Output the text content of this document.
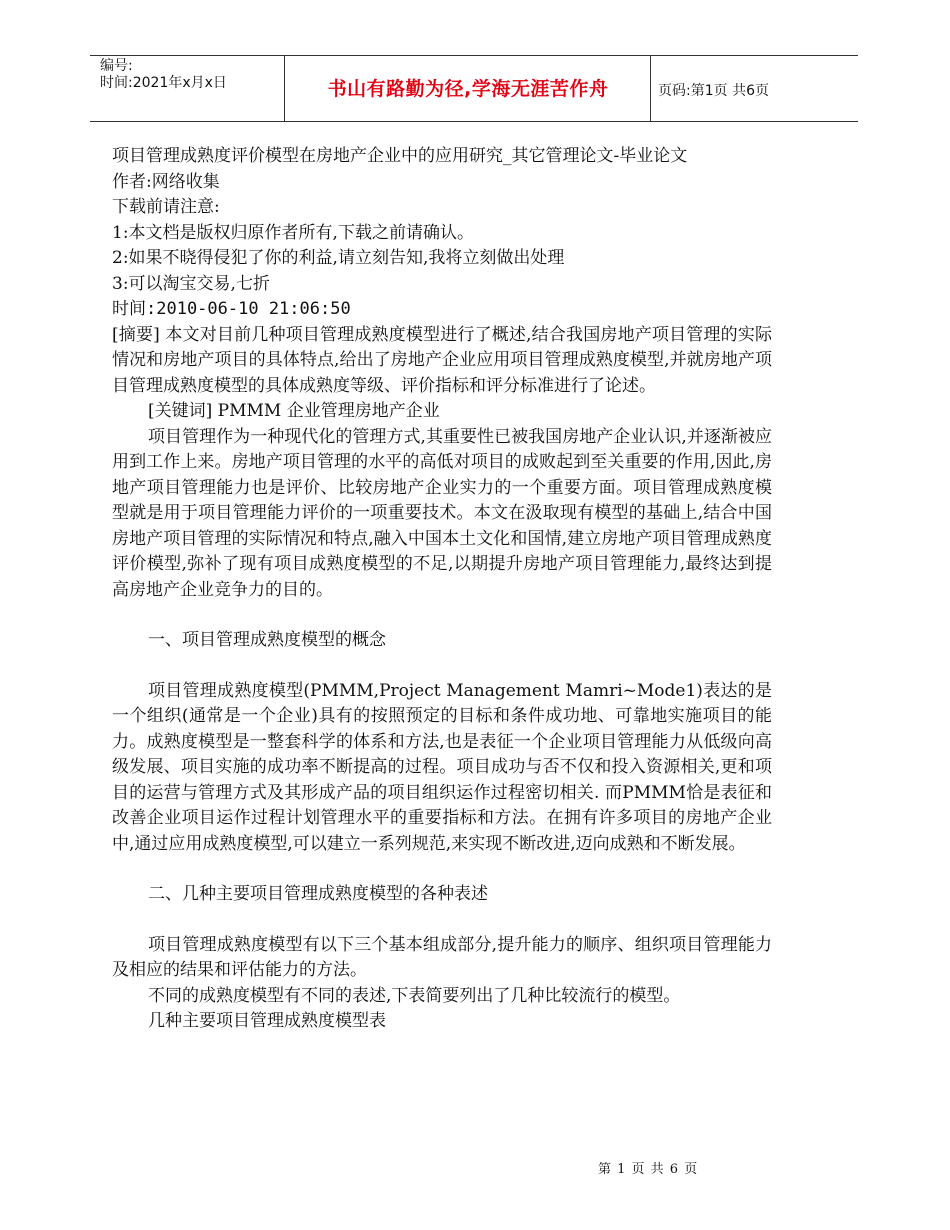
编号:
时间:2021年x月x日	书山有路勤为径,学海无涯苦作舟	页码:第1页 共6页

项目管理成熟度评价模型在房地产企业中的应用研究_其它管理论文-毕业论文

作者:网络收集

下载前请注意:

1:本文档是版权归原作者所有,下载之前请确认。

2:如果不晓得侵犯了你的利益,请立刻告知,我将立刻做出处理

3:可以淘宝交易,七折

时间:2010-06-10 21:06:50

[摘要] 本文对目前几种项目管理成熟度模型进行了概述,结合我国房地产项目管理的实际情况和房地产项目的具体特点,给出了房地产企业应用项目管理成熟度模型,并就房地产项目管理成熟度模型的具体成熟度等级、评价指标和评分标准进行了论述。

[关键词] PMMM 企业管理房地产企业

项目管理作为一种现代化的管理方式,其重要性已被我国房地产企业认识,并逐渐被应用到工作上来。房地产项目管理的水平的高低对项目的成败起到至关重要的作用,因此,房地产项目管理能力也是评价、比较房地产企业实力的一个重要方面。项目管理成熟度模型就是用于项目管理能力评价的一项重要技术。本文在汲取现有模型的基础上,结合中国房地产项目管理的实际情况和特点,融入中国本土文化和国情,建立房地产项目管理成熟度评价模型,弥补了现有项目成熟度模型的不足,以期提升房地产项目管理能力,最终达到提高房地产企业竞争力的目的。

一、项目管理成熟度模型的概念

项目管理成熟度模型(PMMM,Project Management Mamri~Mode1)表达的是一个组织(通常是一个企业)具有的按照预定的目标和条件成功地、可靠地实施项目的能力。成熟度模型是一整套科学的体系和方法,也是表征一个企业项目管理能力从低级向高级发展、项目实施的成功率不断提高的过程。项目成功与否不仅和投入资源相关,更和项目的运营与管理方式及其形成产品的项目组织运作过程密切相关. 而PMMM恰是表征和改善企业项目运作过程计划管理水平的重要指标和方法。在拥有许多项目的房地产企业中,通过应用成熟度模型,可以建立一系列规范,来实现不断改进,迈向成熟和不断发展。

二、几种主要项目管理成熟度模型的各种表述

项目管理成熟度模型有以下三个基本组成部分,提升能力的顺序、组织项目管理能力及相应的结果和评估能力的方法。

不同的成熟度模型有不同的表述,下表简要列出了几种比较流行的模型。

几种主要项目管理成熟度模型表

第 1 页 共 6 页
